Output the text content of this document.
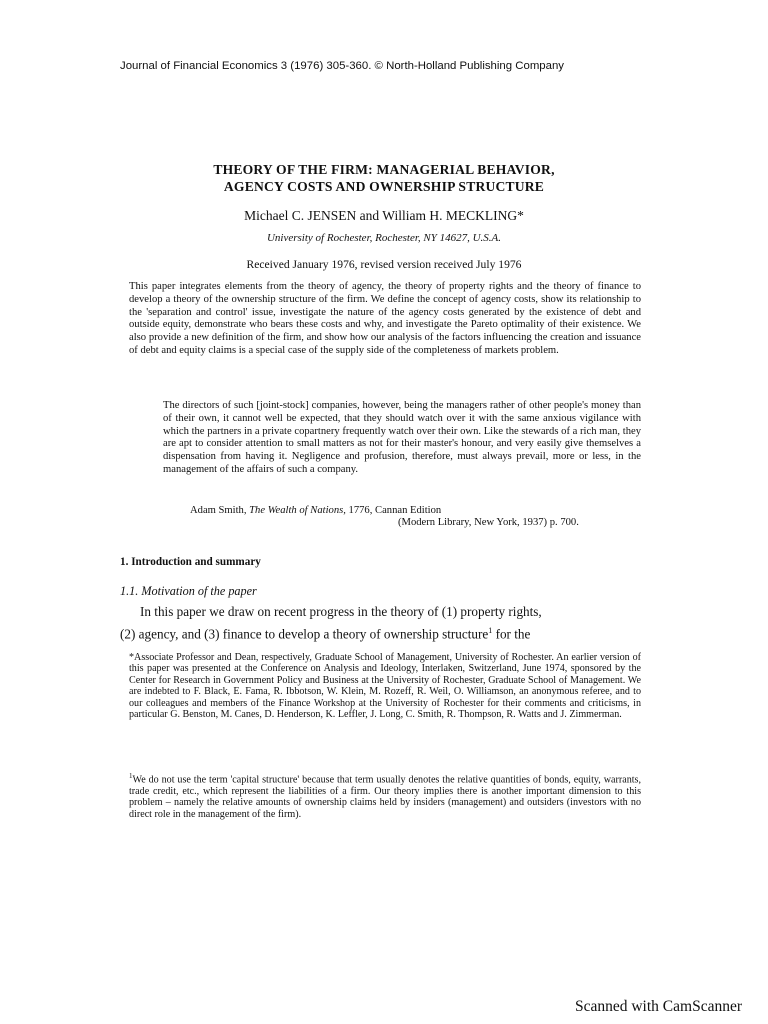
Journal of Financial Economics 3 (1976) 305-360. © North-Holland Publishing Company
THEORY OF THE FIRM: MANAGERIAL BEHAVIOR,
AGENCY COSTS AND OWNERSHIP STRUCTURE
Michael C. JENSEN and William H. MECKLING*
University of Rochester, Rochester, NY 14627, U.S.A.
Received January 1976, revised version received July 1976

This paper integrates elements from the theory of agency, the theory of property rights and the theory of finance to develop a theory of the ownership structure of the firm. We define the concept of agency costs, show its relationship to the 'separation and control' issue, investigate the nature of the agency costs generated by the existence of debt and outside equity, demonstrate who bears these costs and why, and investigate the Pareto optimality of their existence. We also provide a new definition of the firm, and show how our analysis of the factors influencing the creation and issuance of debt and equity claims is a special case of the supply side of the completeness of markets problem.

The directors of such [joint-stock] companies, however, being the managers rather of other people's money than of their own, it cannot well be expected, that they should watch over it with the same anxious vigilance with which the partners in a private copartnery frequently watch over their own. Like the stewards of a rich man, they are apt to consider attention to small matters as not for their master's honour, and very easily give themselves a dispensation from having it. Negligence and profusion, therefore, must always prevail, more or less, in the management of the affairs of such a company.

Adam Smith, The Wealth of Nations, 1776, Cannan Edition
(Modern Library, New York, 1937) p. 700.
1. Introduction and summary
1.1. Motivation of the paper

In this paper we draw on recent progress in the theory of (1) property rights,
(2) agency, and (3) finance to develop a theory of ownership structure$^1$ for the

*Associate Professor and Dean, respectively, Graduate School of Management, University of Rochester. An earlier version of this paper was presented at the Conference on Analysis and Ideology, Interlaken, Switzerland, June 1974, sponsored by the Center for Research in Government Policy and Business at the University of Rochester, Graduate School of Management. We are indebted to F. Black, E. Fama, R. Ibbotson, W. Klein, M. Rozeff, R. Weil, O. Williamson, an anonymous referee, and to our colleagues and members of the Finance Workshop at the University of Rochester for their comments and criticisms, in particular G. Benston, M. Canes, D. Henderson, K. Leffler, J. Long, C. Smith, R. Thompson, R. Watts and J. Zimmerman.

$^1$We do not use the term 'capital structure' because that term usually denotes the relative quantities of bonds, equity, warrants, trade credit, etc., which represent the liabilities of a firm. Our theory implies there is another important dimension to this problem – namely the relative amounts of ownership claims held by insiders (management) and outsiders (investors with no direct role in the management of the firm).

Scanned with CamScanner
